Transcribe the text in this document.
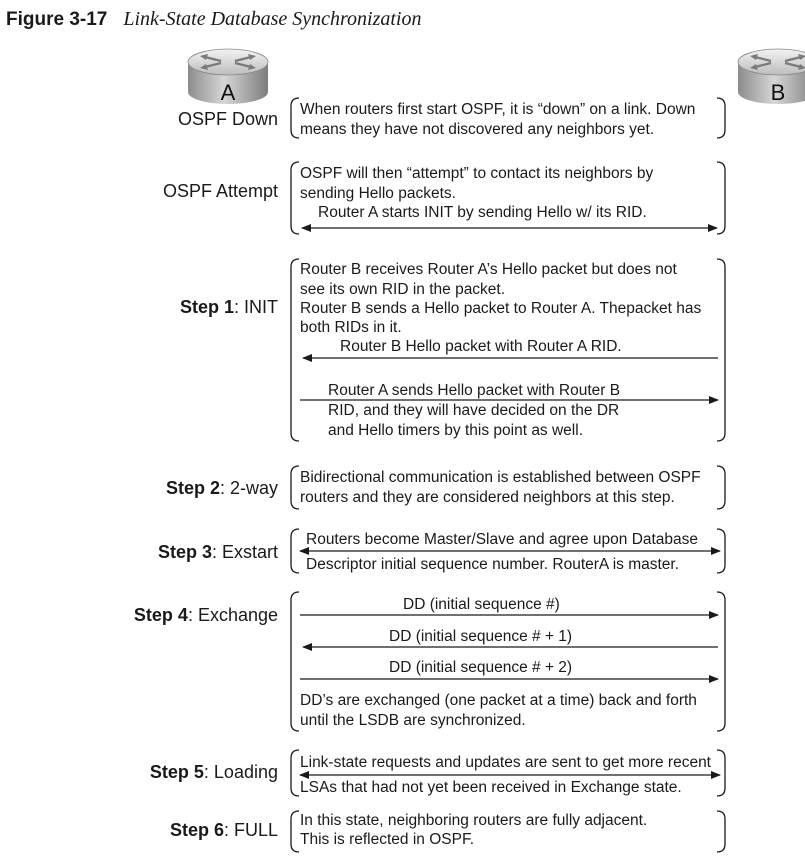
Figure 3-17 Link-State Database Synchronization
A	B
OSPF Down
OSPF Attempt
Step 1: INIT
Step 2: 2-way
Step 3: Exstart
Step 4: Exchange
Step 5: Loading
Step 6: FULL
When routers first start OSPF, it is “down” on a link. Down
means they have not discovered any neighbors yet.
OSPF will then “attempt” to contact its neighbors by
sending Hello packets.
Router A starts INIT by sending Hello w/ its RID.
Router B receives Router A’s Hello packet but does not
see its own RID in the packet.
Router B sends a Hello packet to Router A. Thepacket has
both RIDs in it.
Router B Hello packet with Router A RID.
Router A sends Hello packet with Router B
RID, and they will have decided on the DR
and Hello timers by this point as well.
Bidirectional communication is established between OSPF
routers and they are considered neighbors at this step.
Routers become Master/Slave and agree upon Database
Descriptor initial sequence number. RouterA is master.
DD (initial sequence #)
DD (initial sequence # + 1)
DD (initial sequence # + 2)
DD’s are exchanged (one packet at a time) back and forth
until the LSDB are synchronized.
Link-state requests and updates are sent to get more recent
LSAs that had not yet been received in Exchange state.
In this state, neighboring routers are fully adjacent.
This is reflected in OSPF.
